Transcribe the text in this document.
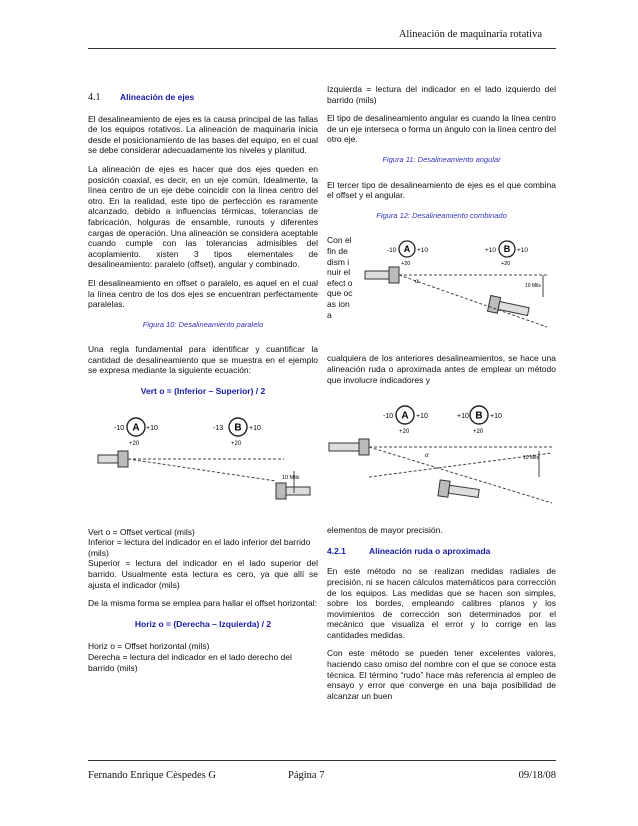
Alineación de maquinaria rotativa
4.1 Alineación de ejes

El desalineamiento de ejes es la causa principal de las fallas de los equipos rotativos. La alineación de maquinaria inicia desde el posicionamiento de las bases del equipo, en el cual se debe considerar adecuadamente los niveles y planitud.

La alineación de ejes es hacer que dos ejes queden en posición coaxial, es decir, en un eje común. Idealmente, la línea centro de un eje debe coincidir con la línea centro del otro. En la realidad, este tipo de perfección es raramente alcanzado, debido a influencias térmicas, tolerancias de fabricación, holguras de ensamble, runouts y diferentes cargas de operación. Una alineación se considera aceptable cuando cumple con las tolerancias admisibles del acoplamiento. xisten 3 tipos elementales de desalineamiento: paralelo (offset), angular y combinado.

El desalineamiento en offset o paralelo, es aquel en el cual la línea centro de los dos ejes se encuentran perfectamente paralelas.

Figura 10: Desalineamiento paralelo

Una regla fundamental para identificar y cuantificar la cantidad de desalineamiento que se muestra en el ejemplo se expresa mediante la siguiente ecuación:

Vert o = (Inferior – Superior) / 2
A
-10	+10
+20
B
-13	+10
+20
10 Mils
Vert o = Offset vertical (mils)
Inferior = lectura del indicador en el lado inferior del barrido (mils)
Superior = lectura del indicador en el lado superior del barrido. Usualmente esta lectura es cero, ya que allí se ajusta el indicador (mils)

De la misma forma se emplea para hallar el offset horizontal:

Horiz o = (Derecha – Izquierda) / 2
Horiz o = Offset horizontal (mils)
Derecha = lectura del indicador en el lado derecho del barrido (mils)

Izquierda = lectura del indicador en el lado izquierdo del barrido (mils)

El tipo de desalineamiento angular es cuando la línea centro de un eje interseca o forma un ángulo con la línea centro del otro eje.

Figura 11: Desalineamiento angular

El tercer tipo de desalineamiento de ejes es el que combina el offset y el angular.

Figura 12: Desalineamiento combinado
Con el fin de dism inuir el efect o que ocas iona
A
-10	+10
+20
B
+10	+10
+20
10 Mils
α

cualquiera de los anteriores desalineamientos, se hace una alineación ruda o aproximada antes de emplear un método que involucre indicadores y

A
-10	+10
+20
B
+10	+10
+20
10 Mils
α

elementos de mayor precisión.

4.2.1	Alineación ruda o aproximada

En este método no se realizan medidas radiales de precisión, ni se hacen cálculos matemáticos para corrección de los equipos. Las medidas que se hacen son simples, sobre los bordes, empleando calibres planos y los movimientos de corrección son determinados por el mecánico que visualiza el error y lo corrige en las cantidades medidas.

Con este método se pueden tener excelentes valores, haciendo caso omiso del nombre con el que se conoce esta técnica. El término “rudo” hace más referencia al empleo de ensayo y error que converge en una baja posibilidad de alcanzar un buen

Fernando Enrique Cèspedes G	Página 7	09/18/08
